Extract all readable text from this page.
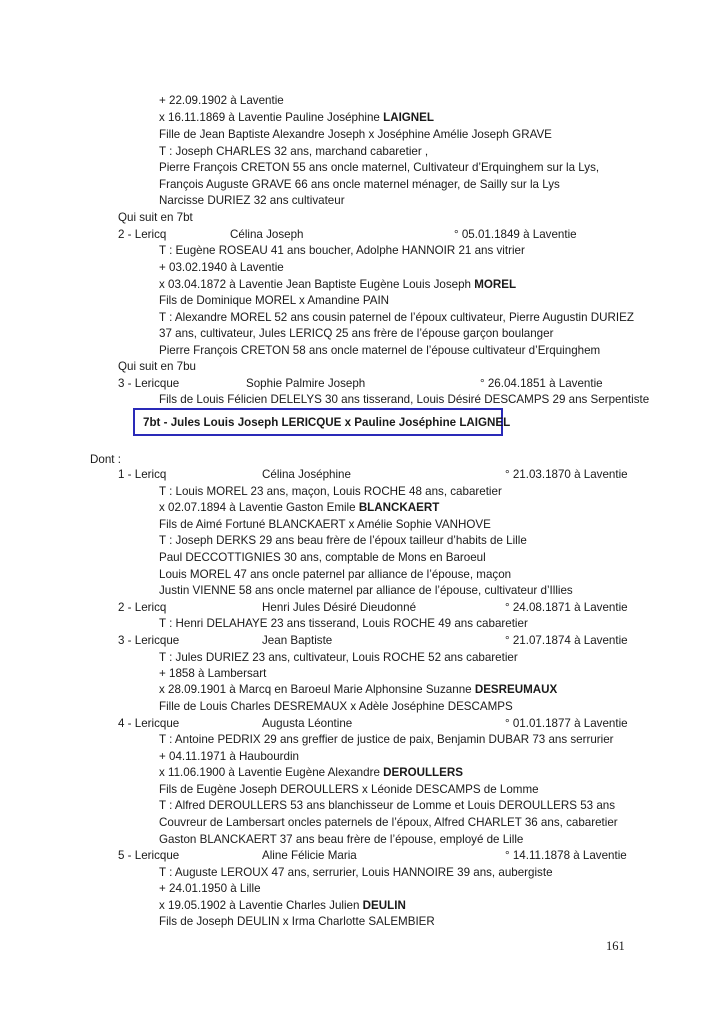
+ 22.09.1902 à Laventie
x 16.11.1869 à Laventie Pauline Joséphine LAIGNEL
Fille de Jean Baptiste Alexandre Joseph x Joséphine Amélie Joseph GRAVE
T : Joseph CHARLES 32 ans, marchand cabaretier ,
Pierre François CRETON 55 ans oncle maternel, Cultivateur d’Erquinghem sur la Lys,
François Auguste GRAVE 66 ans oncle maternel ménager, de Sailly sur la Lys
Narcisse DURIEZ 32 ans cultivateur
Qui suit en 7bt
2 - Lericq	Célina Joseph	° 05.01.1849 à Laventie
T : Eugène ROSEAU 41 ans boucher, Adolphe HANNOIR 21 ans vitrier
+ 03.02.1940 à Laventie
x 03.04.1872 à Laventie Jean Baptiste Eugène Louis Joseph MOREL
Fils de Dominique MOREL x Amandine PAIN
T : Alexandre MOREL 52 ans cousin paternel de l’époux cultivateur, Pierre Augustin DURIEZ
37 ans, cultivateur, Jules LERICQ 25 ans frère de l’épouse garçon boulanger
Pierre François CRETON 58 ans oncle maternel de l’épouse cultivateur d’Erquinghem
Qui suit en 7bu
3 - Lericque	Sophie Palmire Joseph	° 26.04.1851 à Laventie
Fils de Louis Félicien DELELYS 30 ans tisserand, Louis Désiré DESCAMPS 29 ans Serpentiste
7bt - Jules Louis Joseph LERICQUE x Pauline Joséphine LAIGNEL
Dont :
1 - Lericq	Célina Joséphine	° 21.03.1870 à Laventie
T : Louis MOREL 23 ans, maçon, Louis ROCHE 48 ans, cabaretier
x 02.07.1894 à Laventie Gaston Emile BLANCKAERT
Fils de Aimé Fortuné BLANCKAERT x Amélie Sophie VANHOVE
T : Joseph DERKS 29 ans beau frère de l’époux tailleur d’habits de Lille
Paul DECCOTTIGNIES 30 ans, comptable de Mons en Baroeul
Louis MOREL 47 ans oncle paternel par alliance de l’épouse, maçon
Justin VIENNE 58 ans oncle maternel par alliance de l’épouse, cultivateur d’Illies
2 - Lericq	Henri Jules Désiré Dieudonné	° 24.08.1871 à Laventie
T : Henri DELAHAYE 23 ans tisserand, Louis ROCHE 49 ans cabaretier
3 - Lericque	Jean Baptiste	° 21.07.1874 à Laventie
T : Jules DURIEZ 23 ans, cultivateur, Louis ROCHE 52 ans cabaretier
+ 1858 à Lambersart
x 28.09.1901 à Marcq en Baroeul Marie Alphonsine Suzanne DESREUMAUX
Fille de Louis Charles DESREMAUX x Adèle Joséphine DESCAMPS
4 - Lericque	Augusta Léontine	° 01.01.1877 à Laventie
T : Antoine PEDRIX 29 ans greffier de justice de paix, Benjamin DUBAR 73 ans serrurier
+ 04.11.1971 à Haubourdin
x 11.06.1900 à Laventie Eugène Alexandre DEROULLERS
Fils de Eugène Joseph DEROULLERS x Léonide DESCAMPS de Lomme
T : Alfred DEROULLERS 53 ans blanchisseur de Lomme et Louis DEROULLERS 53 ans
Couvreur de Lambersart oncles paternels de l’époux, Alfred CHARLET 36 ans, cabaretier
Gaston BLANCKAERT 37 ans beau frère de l’épouse, employé de Lille
5 - Lericque	Aline Félicie Maria	° 14.11.1878 à Laventie
T : Auguste LEROUX 47 ans, serrurier, Louis HANNOIRE 39 ans, aubergiste
+ 24.01.1950 à Lille
x 19.05.1902 à Laventie Charles Julien DEULIN
Fils de Joseph DEULIN x Irma Charlotte SALEMBIER
161
